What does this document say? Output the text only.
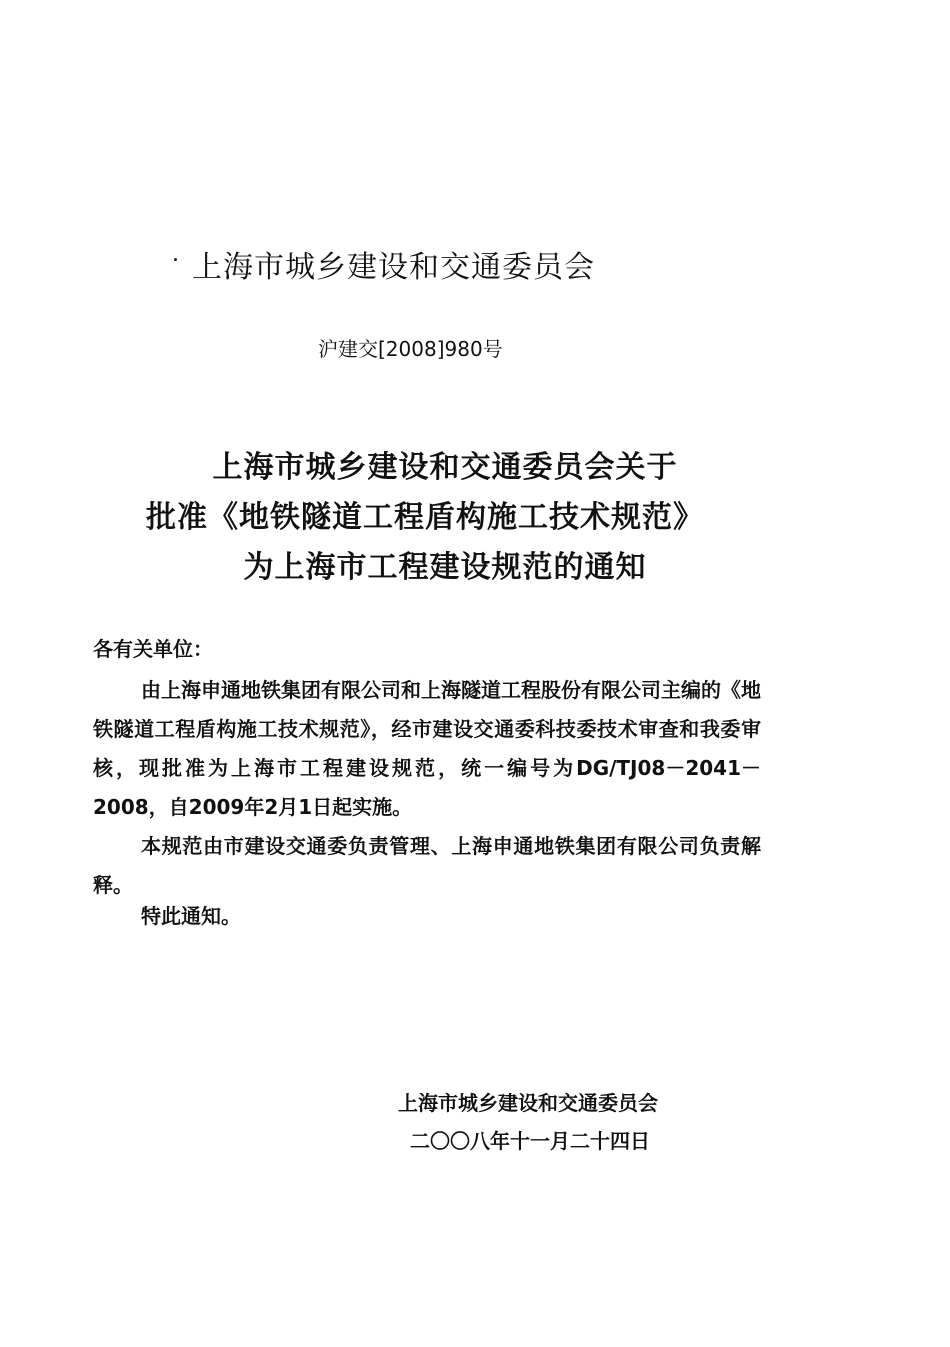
上海市城乡建设和交通委员会
沪建交[2008]980号
上海市城乡建设和交通委员会关于
批准《地铁隧道工程盾构施工技术规范》
为上海市工程建设规范的通知
各有关单位：
由上海申通地铁集团有限公司和上海隧道工程股份有限公司主编的《地铁隧道工程盾构施工技术规范》，经市建设交通委科技委技术审查和我委审核，现批准为上海市工程建设规范，统一编号为DG/TJ08－2041－2008，自2009年2月1日起实施。
本规范由市建设交通委负责管理、上海申通地铁集团有限公司负责解释。
特此通知。
上海市城乡建设和交通委员会
二〇〇八年十一月二十四日
